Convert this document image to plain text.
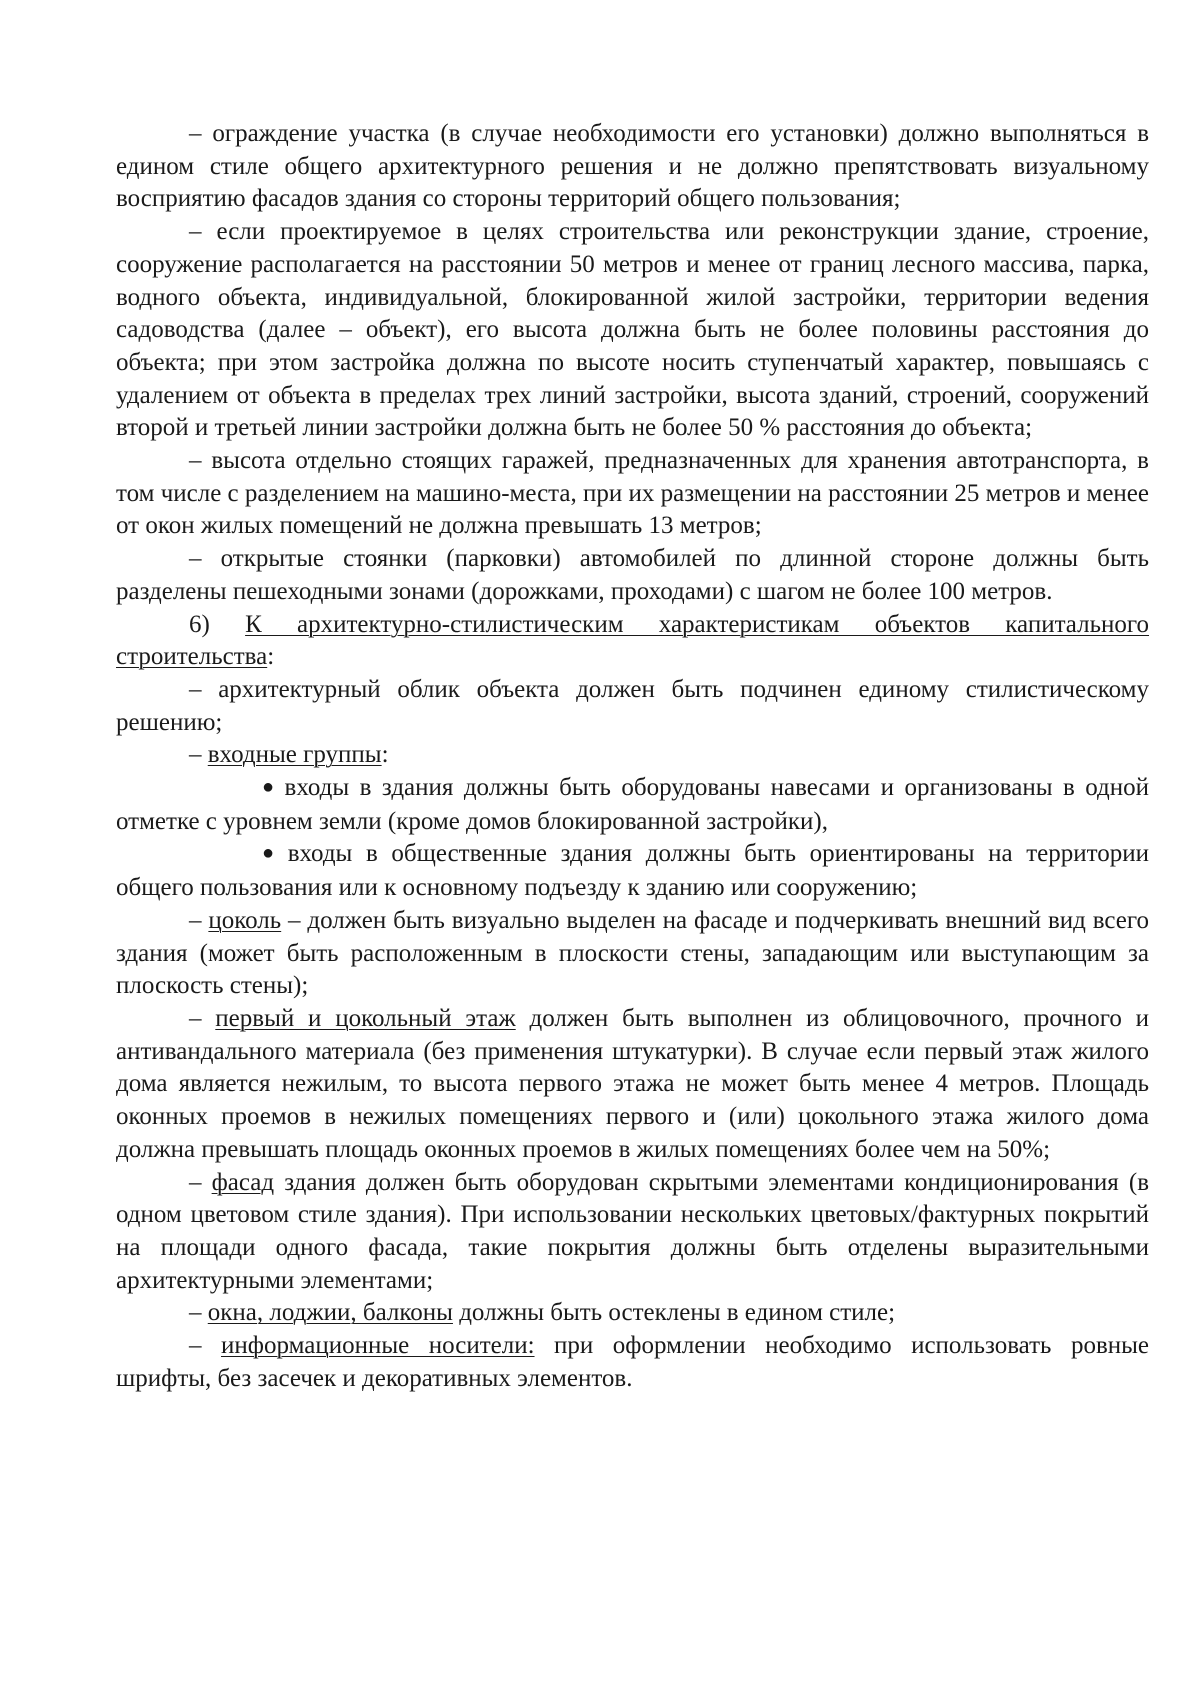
– ограждение участка (в случае необходимости его установки) должно выполняться в едином стиле общего архитектурного решения и не должно препятствовать визуальному восприятию фасадов здания со стороны территорий общего пользования;

– если проектируемое в целях строительства или реконструкции здание, строение, сооружение располагается на расстоянии 50 метров и менее от границ лесного массива, парка, водного объекта, индивидуальной, блокированной жилой застройки, территории ведения садоводства (далее – объект), его высота должна быть не более половины расстояния до объекта; при этом застройка должна по высоте носить ступенчатый характер, повышаясь с удалением от объекта в пределах трех линий застройки, высота зданий, строений, сооружений второй и третьей линии застройки должна быть не более 50 % расстояния до объекта;

– высота отдельно стоящих гаражей, предназначенных для хранения автотранспорта, в том числе с разделением на машино-места, при их размещении на расстоянии 25 метров и менее от окон жилых помещений не должна превышать 13 метров;

– открытые стоянки (парковки) автомобилей по длинной стороне должны быть разделены пешеходными зонами (дорожками, проходами) с шагом не более 100 метров.

6) К архитектурно-стилистическим характеристикам объектов капитального строительства:

– архитектурный облик объекта должен быть подчинен единому стилистическому решению;

– входные группы:

● входы в здания должны быть оборудованы навесами и организованы в одной отметке с уровнем земли (кроме домов блокированной застройки),

● входы в общественные здания должны быть ориентированы на территории общего пользования или к основному подъезду к зданию или сооружению;

– цоколь – должен быть визуально выделен на фасаде и подчеркивать внешний вид всего здания (может быть расположенным в плоскости стены, западающим или выступающим за плоскость стены);

– первый и цокольный этаж должен быть выполнен из облицовочного, прочного и антивандального материала (без применения штукатурки). В случае если первый этаж жилого дома является нежилым, то высота первого этажа не может быть менее 4 метров. Площадь оконных проемов в нежилых помещениях первого и (или) цокольного этажа жилого дома должна превышать площадь оконных проемов в жилых помещениях более чем на 50%;

– фасад здания должен быть оборудован скрытыми элементами кондиционирования (в одном цветовом стиле здания). При использовании нескольких цветовых/фактурных покрытий на площади одного фасада, такие покрытия должны быть отделены выразительными архитектурными элементами;

– окна, лоджии, балконы должны быть остеклены в едином стиле;

– информационные носители: при оформлении необходимо использовать ровные шрифты, без засечек и декоративных элементов.
